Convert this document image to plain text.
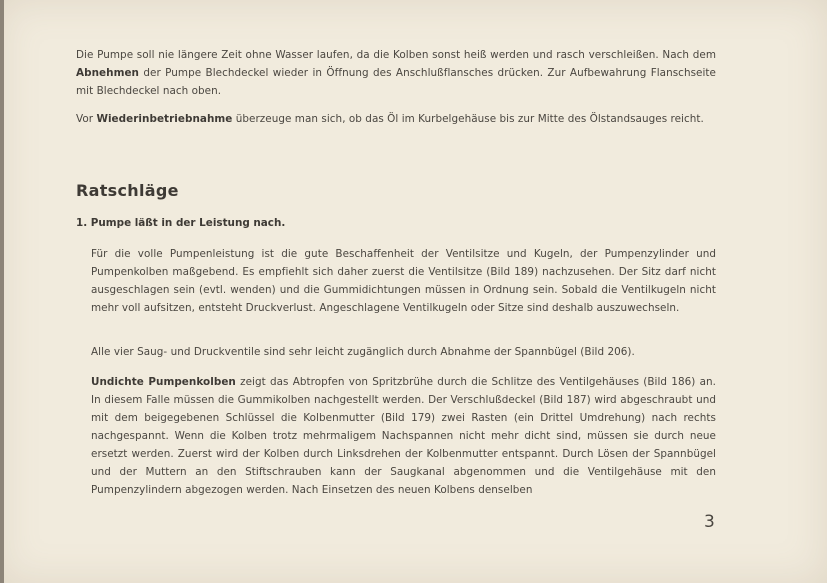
Die Pumpe soll nie längere Zeit ohne Wasser laufen, da die Kolben sonst heiß werden und rasch verschleißen. Nach dem Abnehmen der Pumpe Blechdeckel wieder in Öffnung des Anschlußflansches drücken. Zur Aufbewahrung Flanschseite mit Blechdeckel nach oben.

Vor Wiederinbetriebnahme überzeuge man sich, ob das Öl im Kurbelgehäuse bis zur Mitte des Ölstandsauges reicht.

Ratschläge
1. Pumpe läßt in der Leistung nach.

Für die volle Pumpenleistung ist die gute Beschaffenheit der Ventilsitze und Kugeln, der Pumpenzylinder und Pumpenkolben maßgebend. Es empfiehlt sich daher zuerst die Ventilsitze (Bild 189) nachzusehen. Der Sitz darf nicht ausgeschlagen sein (evtl. wenden) und die Gummidichtungen müssen in Ordnung sein. Sobald die Ventilkugeln nicht mehr voll aufsitzen, entsteht Druckverlust. Angeschlagene Ventilkugeln oder Sitze sind deshalb auszuwechseln.

Alle vier Saug- und Druckventile sind sehr leicht zugänglich durch Abnahme der Spannbügel (Bild 206).

Undichte Pumpenkolben zeigt das Abtropfen von Spritzbrühe durch die Schlitze des Ventilgehäuses (Bild 186) an. In diesem Falle müssen die Gummikolben nachgestellt werden. Der Verschlußdeckel (Bild 187) wird abgeschraubt und mit dem beigegebenen Schlüssel die Kolbenmutter (Bild 179) zwei Rasten (ein Drittel Umdrehung) nach rechts nachgespannt. Wenn die Kolben trotz mehrmaligem Nachspannen nicht mehr dicht sind, müssen sie durch neue ersetzt werden. Zuerst wird der Kolben durch Linksdrehen der Kolbenmutter entspannt. Durch Lösen der Spannbügel und der Muttern an den Stiftschrauben kann der Saugkanal abgenommen und die Ventilgehäuse mit den Pumpenzylindern abgezogen werden. Nach Einsetzen des neuen Kolbens denselben

3
